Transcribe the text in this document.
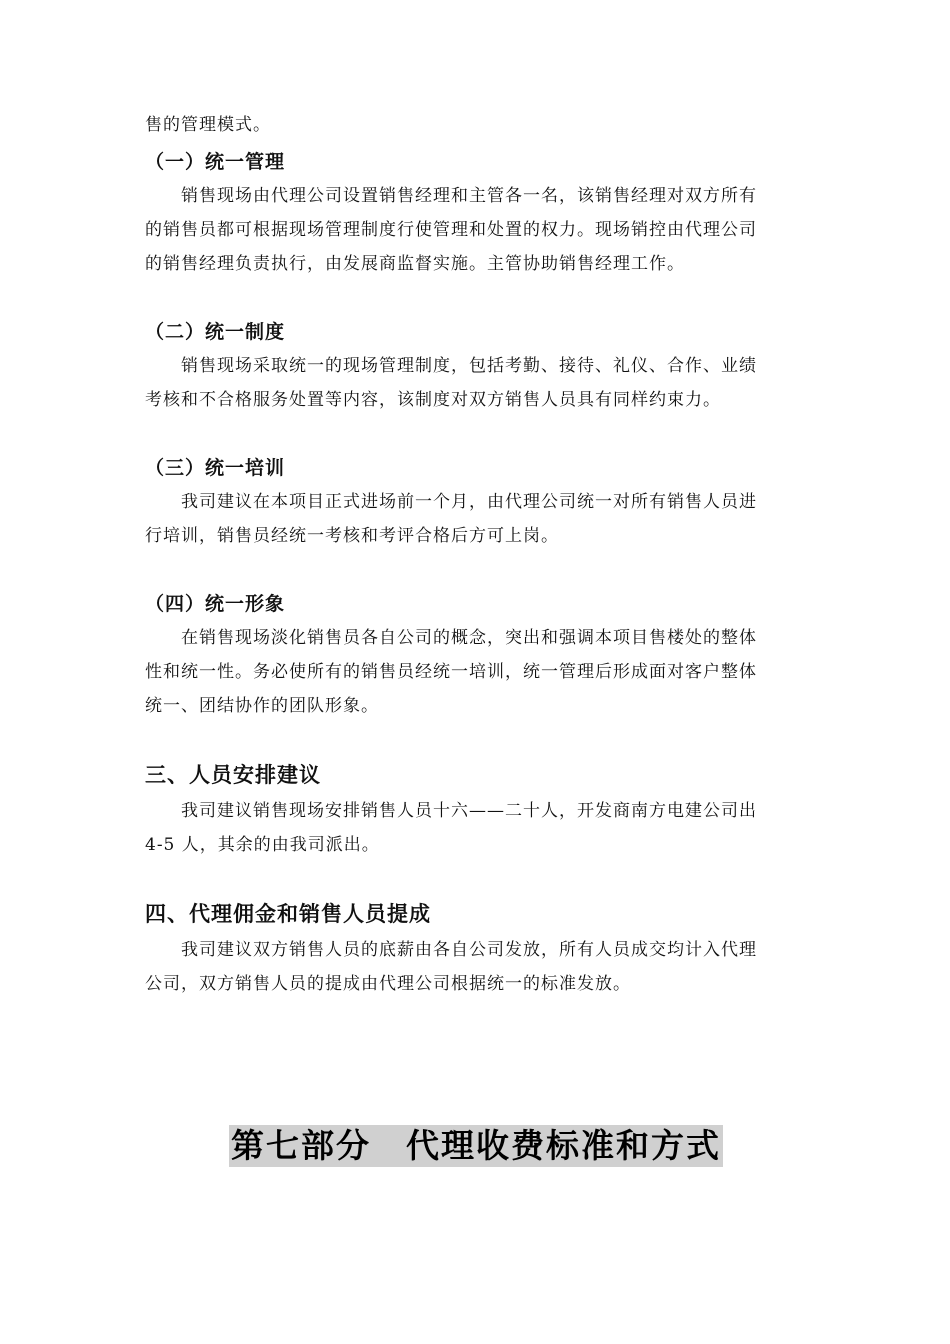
售的管理模式。
（一）统一管理
销售现场由代理公司设置销售经理和主管各一名，该销售经理对双方所有
的销售员都可根据现场管理制度行使管理和处置的权力。现场销控由代理公司
的销售经理负责执行，由发展商监督实施。主管协助销售经理工作。
（二）统一制度
销售现场采取统一的现场管理制度，包括考勤、接待、礼仪、合作、业绩
考核和不合格服务处置等内容，该制度对双方销售人员具有同样约束力。
（三）统一培训
我司建议在本项目正式进场前一个月，由代理公司统一对所有销售人员进
行培训，销售员经统一考核和考评合格后方可上岗。
（四）统一形象
在销售现场淡化销售员各自公司的概念，突出和强调本项目售楼处的整体
性和统一性。务必使所有的销售员经统一培训，统一管理后形成面对客户整体
统一、团结协作的团队形象。
三、人员安排建议
我司建议销售现场安排销售人员十六——二十人，开发商南方电建公司出
4-5 人，其余的由我司派出。
四、代理佣金和销售人员提成
我司建议双方销售人员的底薪由各自公司发放，所有人员成交均计入代理
公司，双方销售人员的提成由代理公司根据统一的标准发放。
第七部分　代理收费标准和方式
